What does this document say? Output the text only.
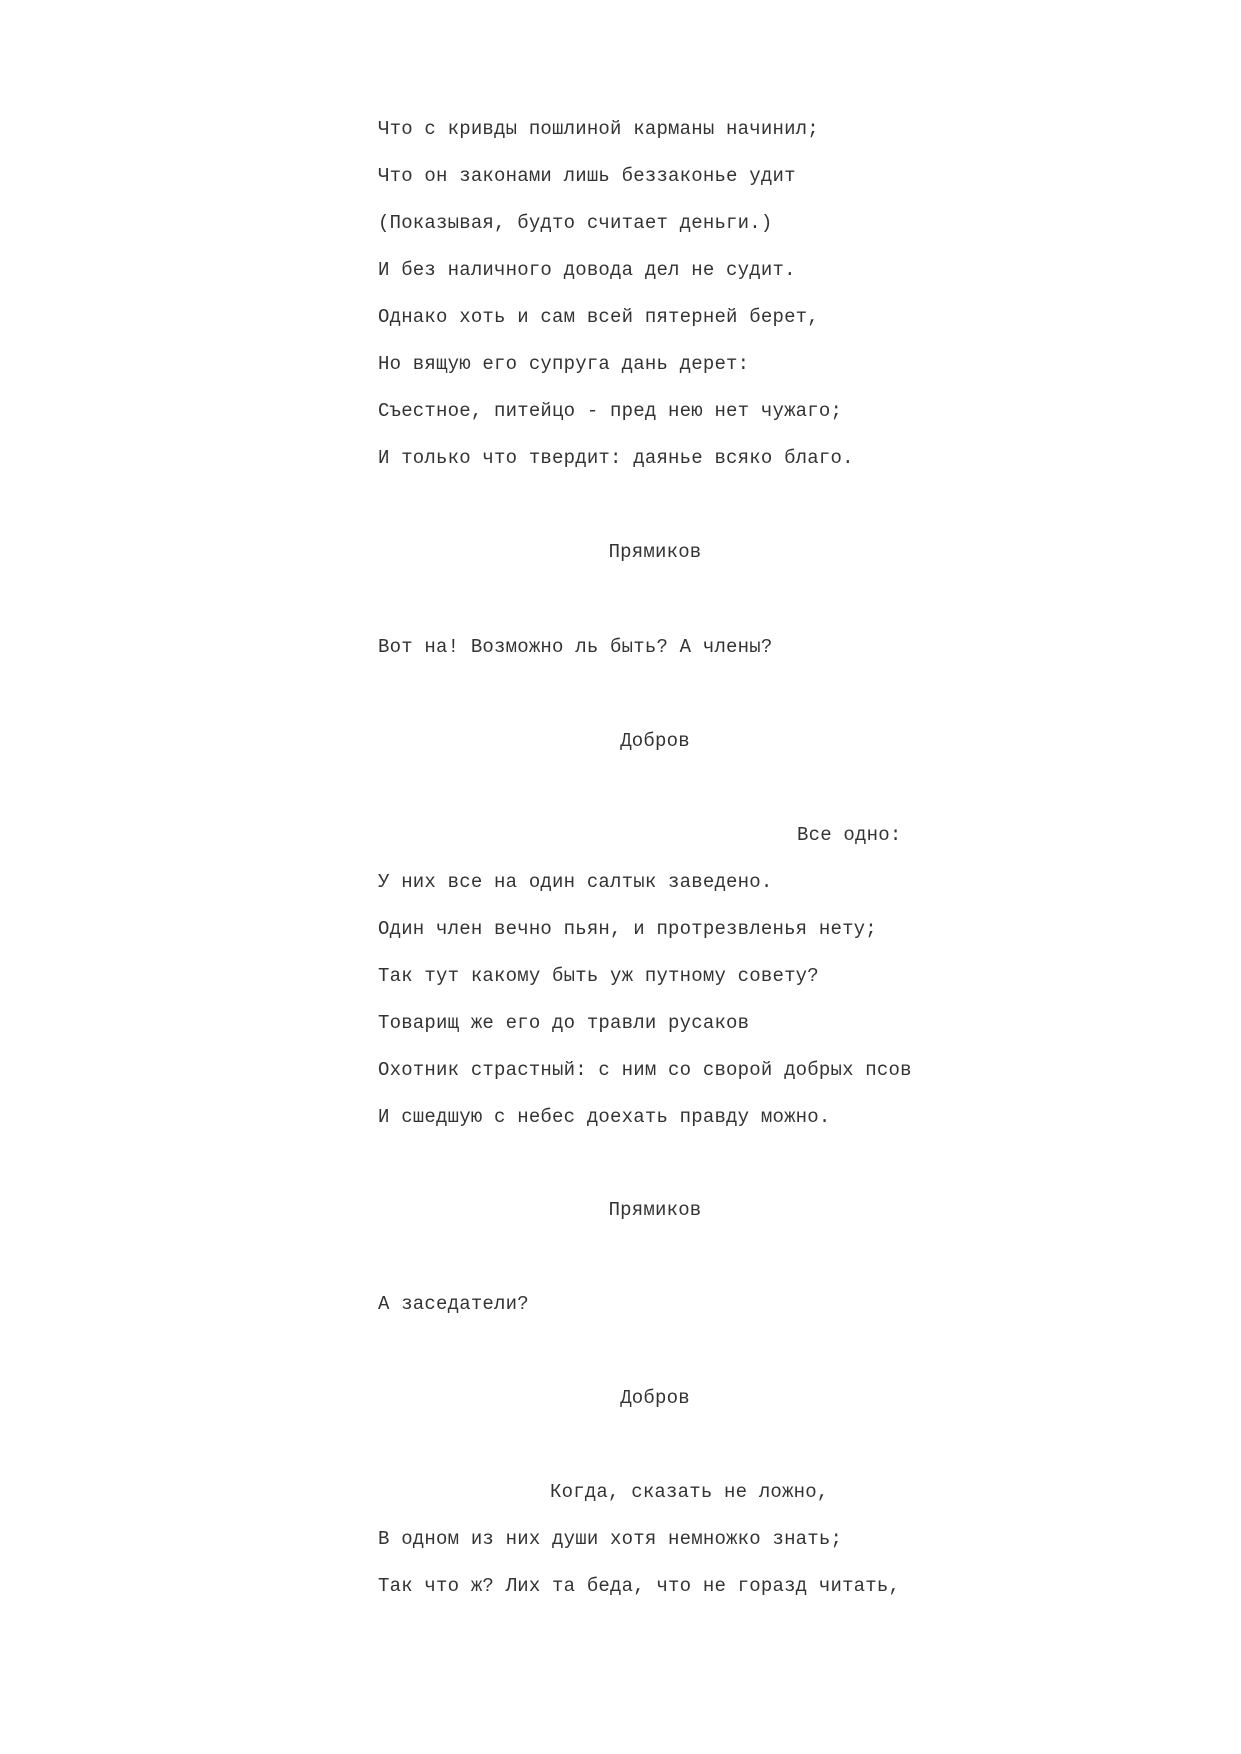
Что с кривды пошлиной карманы начинил;
Что он законами лишь беззаконье удит
(Показывая, будто считает деньги.)
И без наличного довода дел не судит.
Однако хоть и сам всей пятерней берет,
Но вящую его супруга дань дерет:
Съестное, питейцо - пред нею нет чужаго;
И только что твердит: даянье всяко благо.
Прямиков
Вот на! Возможно ль быть? А члены?
Добров
Все одно:
У них все на один салтык заведено.
Один член вечно пьян, и протрезвленья нету;
Так тут какому быть уж путному совету?
Товарищ же его до травли русаков
Охотник страстный: с ним со сворой добрых псов
И сшедшую с небес доехать правду можно.
Прямиков
А заседатели?
Добров
Когда, сказать не ложно,
В одном из них души хотя немножко знать;
Так что ж? Лих та беда, что не горазд читать,
